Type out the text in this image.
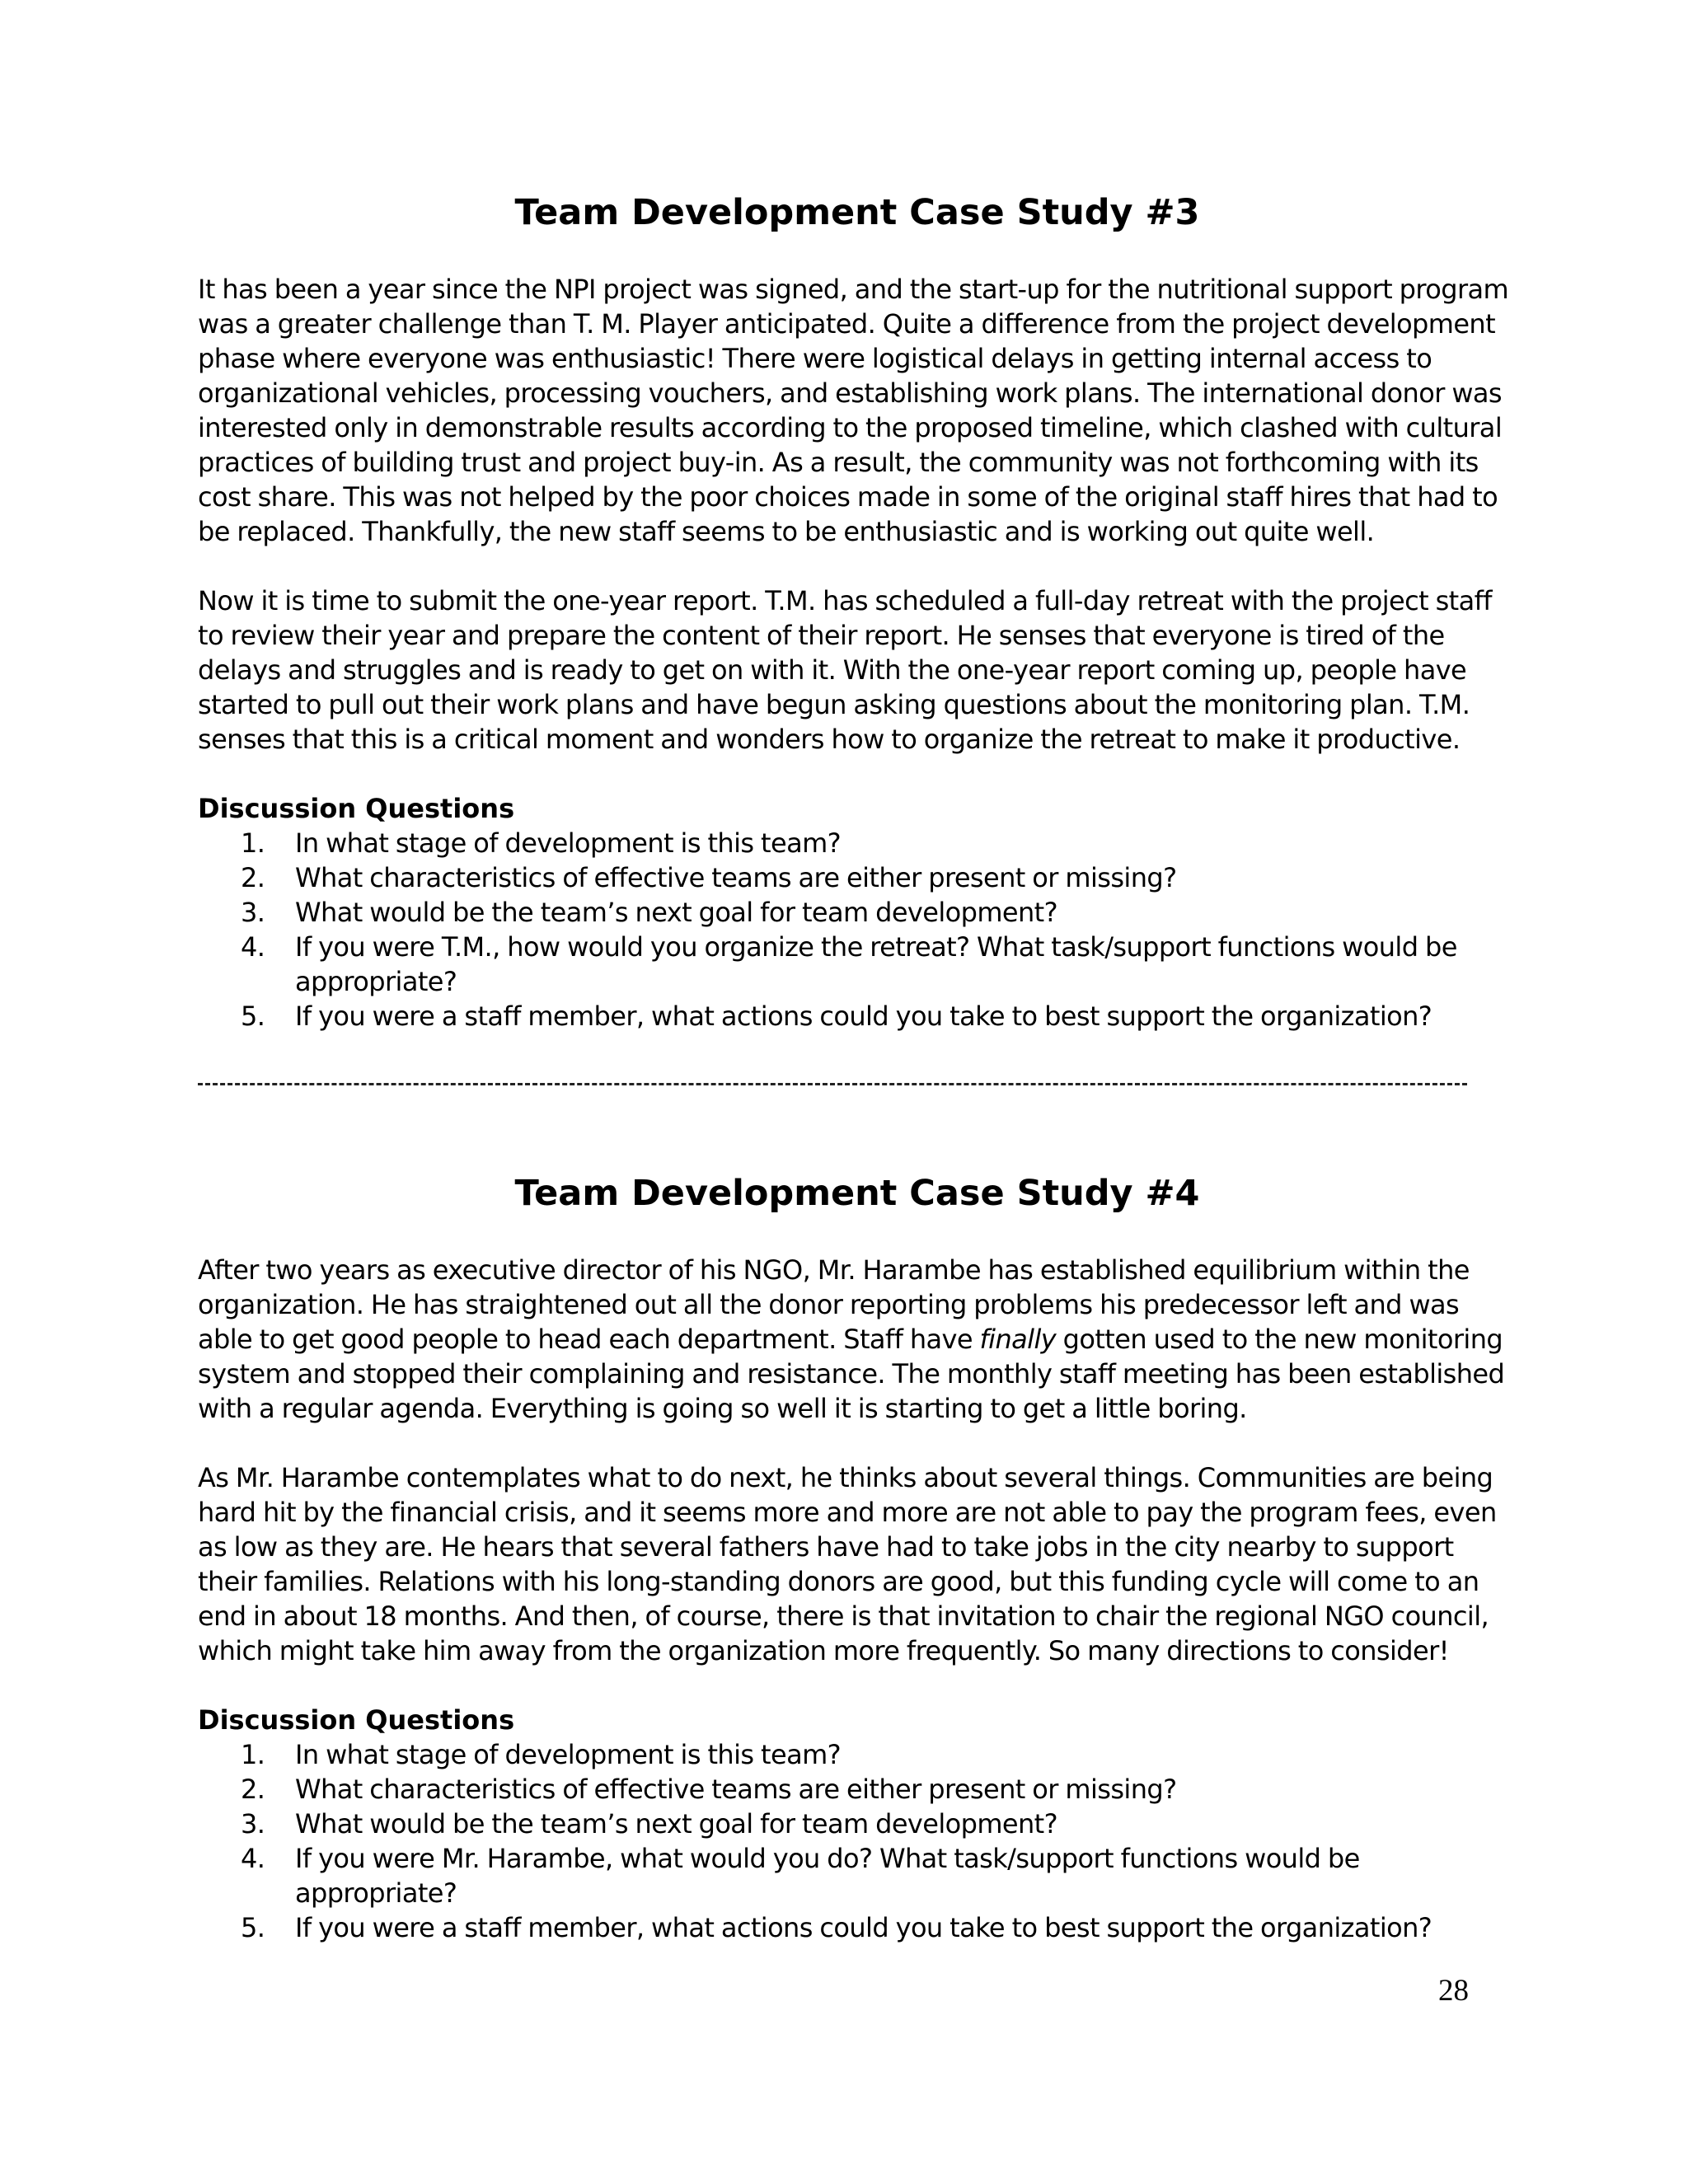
Team Development Case Study #3

It has been a year since the NPI project was signed, and the start-up for the nutritional support program was a greater challenge than T. M. Player anticipated. Quite a difference from the project development phase where everyone was enthusiastic! There were logistical delays in getting internal access to organizational vehicles, processing vouchers, and establishing work plans. The international donor was interested only in demonstrable results according to the proposed timeline, which clashed with cultural practices of building trust and project buy-in. As a result, the community was not forthcoming with its cost share. This was not helped by the poor choices made in some of the original staff hires that had to be replaced. Thankfully, the new staff seems to be enthusiastic and is working out quite well.

Now it is time to submit the one-year report. T.M. has scheduled a full-day retreat with the project staff to review their year and prepare the content of their report. He senses that everyone is tired of the delays and struggles and is ready to get on with it. With the one-year report coming up, people have started to pull out their work plans and have begun asking questions about the monitoring plan. T.M. senses that this is a critical moment and wonders how to organize the retreat to make it productive.

Discussion Questions
1. In what stage of development is this team?
2. What characteristics of effective teams are either present or missing?
3. What would be the team’s next goal for team development?
4. If you were T.M., how would you organize the retreat? What task/support functions would be appropriate?
5. If you were a staff member, what actions could you take to best support the organization?
Team Development Case Study #4

After two years as executive director of his NGO, Mr. Harambe has established equilibrium within the organization. He has straightened out all the donor reporting problems his predecessor left and was able to get good people to head each department. Staff have finally gotten used to the new monitoring system and stopped their complaining and resistance. The monthly staff meeting has been established with a regular agenda. Everything is going so well it is starting to get a little boring.

As Mr. Harambe contemplates what to do next, he thinks about several things. Communities are being hard hit by the financial crisis, and it seems more and more are not able to pay the program fees, even as low as they are. He hears that several fathers have had to take jobs in the city nearby to support their families. Relations with his long-standing donors are good, but this funding cycle will come to an end in about 18 months. And then, of course, there is that invitation to chair the regional NGO council, which might take him away from the organization more frequently. So many directions to consider!

Discussion Questions
1. In what stage of development is this team?
2. What characteristics of effective teams are either present or missing?
3. What would be the team’s next goal for team development?
4. If you were Mr. Harambe, what would you do? What task/support functions would be appropriate?
5. If you were a staff member, what actions could you take to best support the organization?
28
